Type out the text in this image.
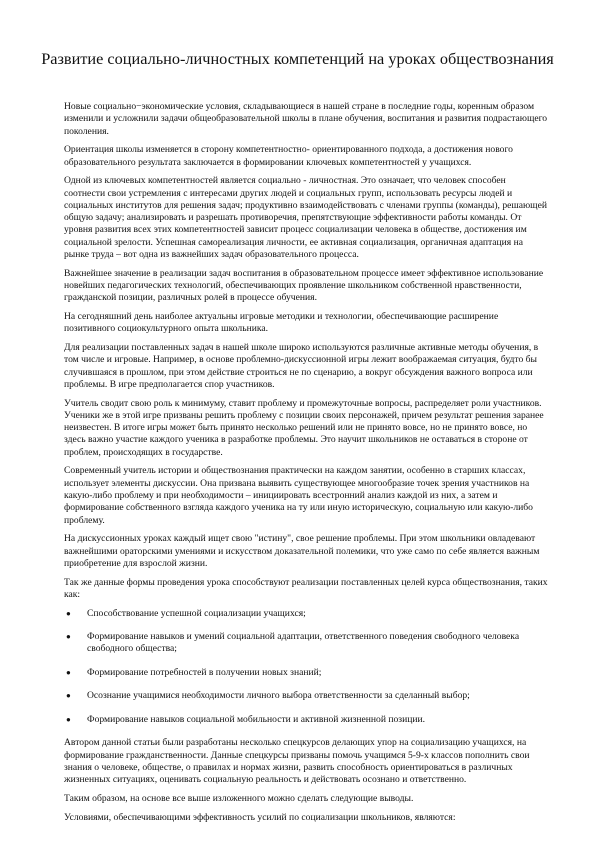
Развитие социально-личностных компетенций на уроках обществознания

Новые социально−экономические условия, складывающиеся в нашей стране в последние годы, коренным образом изменили и усложнили задачи общеобразовательной школы в плане обучения, воспитания и развития подрастающего поколения.

Ориентация школы изменяется в сторону компетентностно- ориентированного подхода, а достижения нового образовательного результата заключается в формировании ключевых компетентностей у учащихся.

Одной из ключевых компетентностей является социально - личностная. Это означает, что человек способен соотнести свои устремления с интересами других людей и социальных групп, использовать ресурсы людей и социальных институтов для решения задач; продуктивно взаимодействовать с членами группы (команды), решающей общую задачу; анализировать и разрешать противоречия, препятствующие эффективности работы команды. От уровня развития всех этих компетентностей зависит процесс социализации человека в обществе, достижения им социальной зрелости. Успешная самореализация личности, ее активная социализация, органичная адаптация на рынке труда – вот одна из важнейших задач образовательного процесса.

Важнейшее значение в реализации задач воспитания в образовательном процессе имеет эффективное использование новейших педагогических технологий, обеспечивающих проявление школьником собственной нравственности, гражданской позиции, различных ролей в процессе обучения.

На сегодняшний день наиболее актуальны игровые методики и технологии, обеспечивающие расширение позитивного социокультурного опыта школьника.

Для реализации поставленных задач в нашей школе широко используются различные активные методы обучения, в том числе и игровые. Например, в основе проблемно-дискуссионной игры лежит воображаемая ситуация, будто бы случившаяся в прошлом, при этом действие строиться не по сценарию, а вокруг обсуждения важного вопроса или проблемы. В игре предполагается спор участников.

Учитель сводит свою роль к минимуму, ставит проблему и промежуточные вопросы, распределяет роли участников. Ученики же в этой игре призваны решить проблему с позиции своих персонажей, причем результат решения заранее неизвестен. В итоге игры может быть принято несколько решений или не принято вовсе, но не принято вовсе, но здесь важно участие каждого ученика в разработке проблемы. Это научит школьников не оставаться в стороне от проблем, происходящих в государстве.

Современный учитель истории и обществознания практически на каждом занятии, особенно в старших классах, использует элементы дискуссии. Она призвана выявить существующее многообразие точек зрения участников на какую-либо проблему и при необходимости – инициировать всестронний анализ каждой из них, а затем и формирование собственного взгляда каждого ученика на ту или иную историческую, социальную или какую-либо проблему.

На дискуссионных уроках каждый ищет свою "истину", свое решение проблемы. При этом школьники овладевают важнейшими ораторскими умениями и искусством доказательной полемики, что уже само по себе является важным приобретение для взрослой жизни.

Так же данные формы проведения урока способствуют реализации поставленных целей курса обществознания, таких как:

● Способствование успешной социализации учащихся;
● Формирование навыков и умений социальной адаптации, ответственного поведения свободного человека свободного общества;
● Формирование потребностей в получении новых знаний;
● Осознание учащимися необходимости личного выбора ответственности за сделанный выбор;
● Формирование навыков социальной мобильности и активной жизненной позиции.

Автором данной статьи были разработаны несколько спецкурсов делающих упор на социализацию учащихся, на формирование гражданственности. Данные спецкурсы призваны помочь учащимся 5-9-х классов пополнить свои знания о человеке, обществе, о правилах и нормах жизни, развить способность ориентироваться в различных жизненных ситуациях, оценивать социальную реальность и действовать осознано и ответственно.

Таким образом, на основе все выше изложенного можно сделать следующие выводы.

Условиями, обеспечивающими эффективность усилий по социализации школьников, являются:
